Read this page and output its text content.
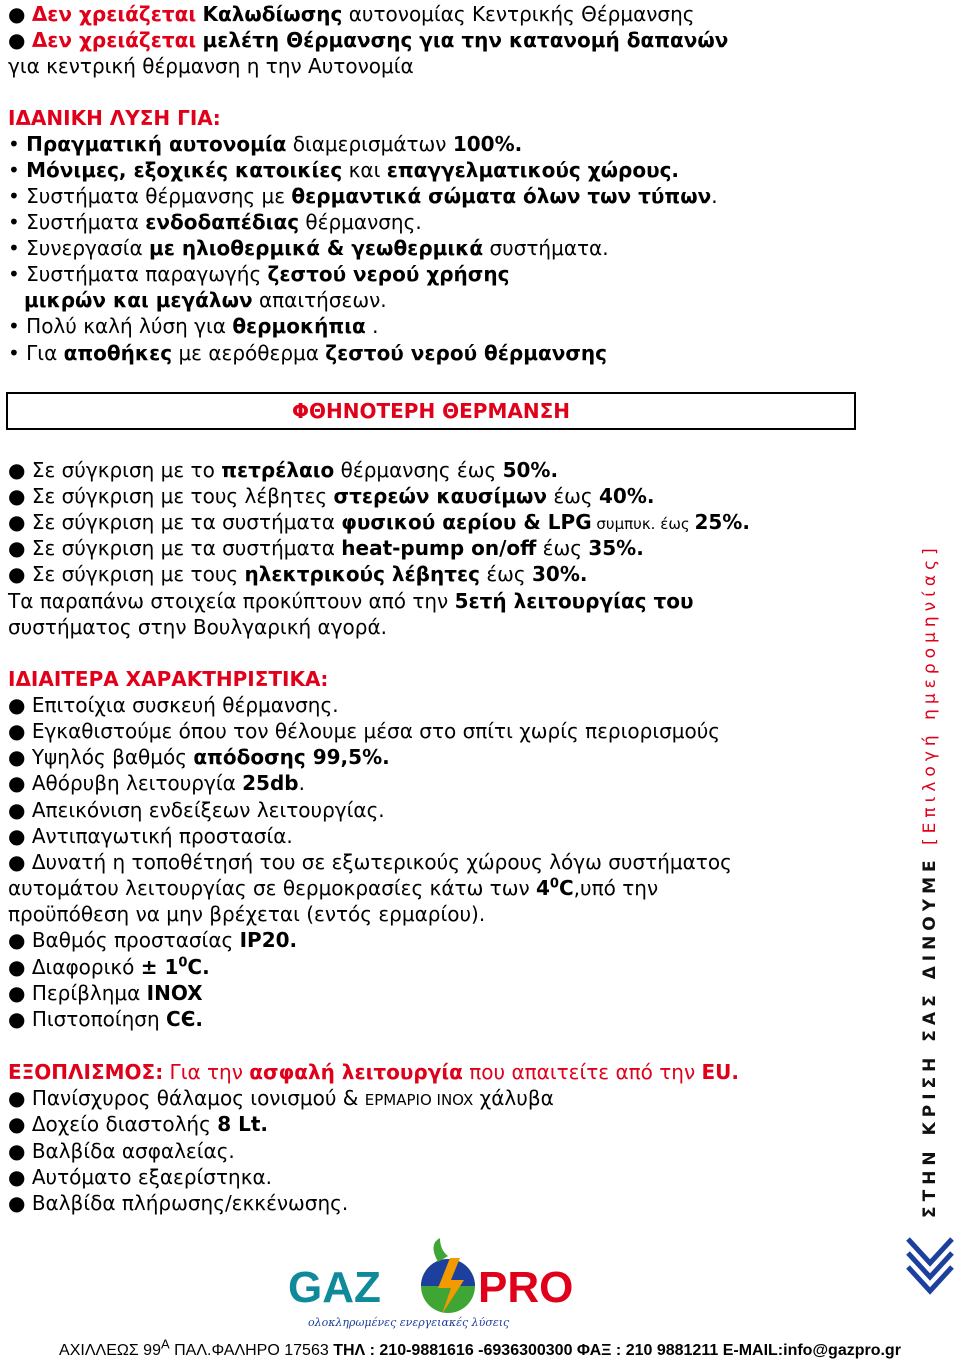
● Δεν χρειάζεται Καλωδίωσης αυτονομίας Κεντρικής Θέρμανσης
● Δεν χρειάζεται μελέτη Θέρμανσης για την κατανομή δαπανών
για κεντρική θέρμανση η την Αυτονομία
ΙΔΑΝΙΚΗ ΛΥΣΗ ΓΙΑ:
• Πραγματική αυτονομία διαμερισμάτων 100%.
• Μόνιμες, εξοχικές κατοικίες και επαγγελματικούς χώρους.
• Συστήματα θέρμανσης με θερμαντικά σώματα όλων των τύπων.
• Συστήματα ενδοδαπέδιας θέρμανσης.
• Συνεργασία με ηλιοθερμικά & γεωθερμικά συστήματα.
• Συστήματα παραγωγής ζεστού νερού χρήσης
μικρών και μεγάλων απαιτήσεων.
• Πολύ καλή λύση για θερμοκήπια .
• Για αποθήκες με αερόθερμα ζεστού νερού θέρμανσης
ΦΘΗΝΟΤΕΡΗ ΘΕΡΜΑΝΣΗ
● Σε σύγκριση με το πετρέλαιο θέρμανσης έως 50%.
● Σε σύγκριση με τους λέβητες στερεών καυσίμων έως 40%.
● Σε σύγκριση με τα συστήματα φυσικού αερίου & LPG συμπυκ. έως 25%.
● Σε σύγκριση με τα συστήματα heat-pump on/off έως 35%.
● Σε σύγκριση με τους ηλεκτρικούς λέβητες έως 30%.
Τα παραπάνω στοιχεία προκύπτουν από την 5ετή λειτουργίας του
συστήματος στην Βουλγαρική αγορά.
ΙΔΙΑΙΤΕΡΑ ΧΑΡΑΚΤΗΡΙΣΤΙΚΑ:
● Επιτοίχια συσκευή θέρμανσης.
● Εγκαθιστούμε όπου τον θέλουμε μέσα στο σπίτι χωρίς περιορισμούς
● Υψηλός βαθμός απόδοσης 99,5%.
● Αθόρυβη λειτουργία 25db.
● Απεικόνιση ενδείξεων λειτουργίας.
● Αντιπαγωτική προστασία.
● Δυνατή η τοποθέτησή του σε εξωτερικούς χώρους λόγω συστήματος
αυτομάτου λειτουργίας σε θερμοκρασίες κάτω των $4^0C,\upsilon\pi ό$ την
προϋπόθεση να μην βρέχεται (εντός ερμαρίου).
● Βαθμός προστασίας IP20.
● $\Delta\iota\alpha\varphi o\rho\iota\kappa ό \pm 1^0C$.
● Περίβλημα INOX
● Πιστοποίηση CЄ.
ΕΞΟΠΛΙΣΜΟΣ: Για την ασφαλή λειτουργία που απαιτείτε από την EU.
● Πανίσχυρος θάλαμος ιονισμού & ΕΡΜΑΡΙΟ INOX χάλυβα
● Δοχείο διαστολής 8 Lt.
● Βαλβίδα ασφαλείας.
● Αυτόματο εξαερίστηκα.
● Βαλβίδα πλήρωσης/εκκένωσης.	ΣΤΗΝ ΚΡΙΣΗ ΣΑΣ ΔΙΝΟΥΜΕ [Επιλογή ημερομηνίας]
GAZ PRO
ολοκληρωμένες ενεργειακές λύσεις
ΑΧΙΛΛΕΩΣ $99^A$ ΠΑΛ.ΦΑΛΗΡΟ 17563 ΤΗΛ : 210-9881616 -6936300300 ΦΑΞ : 210 9881211 E-MAIL:info@gazpro.gr
